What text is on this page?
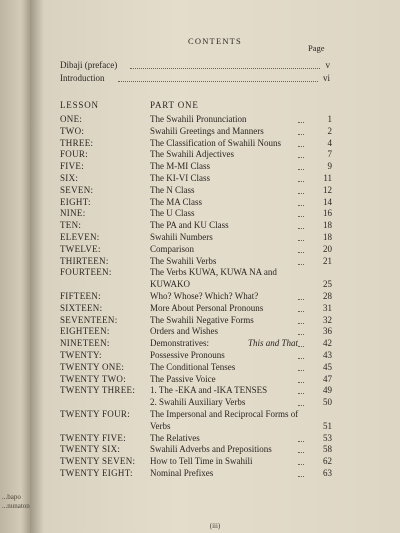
...bapo
...nunaton
CONTENTS
Page
Dibaji (preface)	v
Introduction	vi
LESSON	PART ONE
ONE:	The Swahili Pronunciation	1
TWO:	Swahili Greetings and Manners	2
THREE:	The Classification of Swahili Nouns	4
FOUR:	The Swahili Adjectives	7
FIVE:	The M-MI Class	9
SIX:	The KI-VI Class	11
SEVEN:	The N Class	12
EIGHT:	The MA Class	14
NINE:	The U Class	16
TEN:	The PA and KU Class	18
ELEVEN:	Swahili Numbers	18
TWELVE:	Comparison	20
THIRTEEN:	The Swahili Verbs	21
FOURTEEN:	The Verbs KUWA, KUWA NA and
KUWAKO	25
FIFTEEN:	Who? Whose? Which? What?	28
SIXTEEN:	More About Personal Pronouns	31
SEVENTEEN:	The Swahili Negative Forms	32
EIGHTEEN:	Orders and Wishes	36
NINETEEN:	Demonstratives:	This and That	42
TWENTY:	Possessive Pronouns	43
TWENTY ONE:	The Conditional Tenses	45
TWENTY TWO:	The Passive Voice	47
TWENTY THREE: 1. The -EKA and -IKA TENSES	49
2. Swahili Auxiliary Verbs	50
TWENTY FOUR: The Impersonal and Reciprocal Forms of
Verbs	51
TWENTY FIVE:	The Relatives	53
TWENTY SIX:	Swahili Adverbs and Prepositions	58
TWENTY SEVEN: How to Tell Time in Swahili	62
TWENTY EIGHT: Nominal Prefixes	63
(iii)
